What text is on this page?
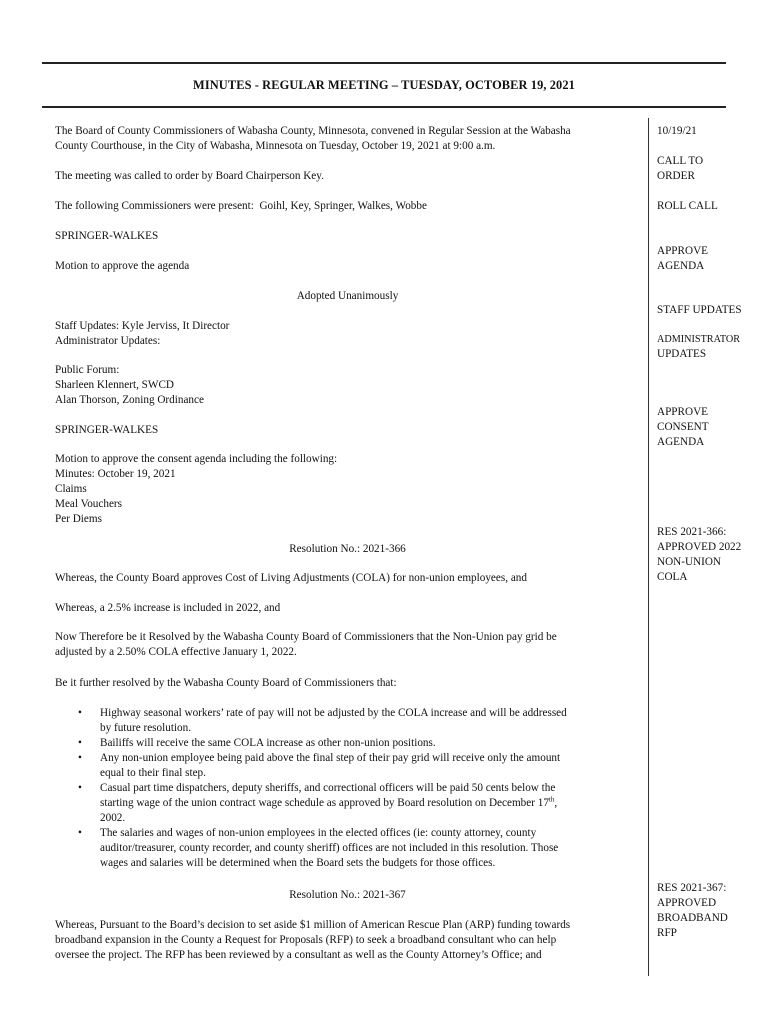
MINUTES - REGULAR MEETING – TUESDAY, OCTOBER 19, 2021
The Board of County Commissioners of Wabasha County, Minnesota, convened in Regular Session at the Wabasha
County Courthouse, in the City of Wabasha, Minnesota on Tuesday, October 19, 2021 at 9:00 a.m.
The meeting was called to order by Board Chairperson Key.
The following Commissioners were present:  Goihl, Key, Springer, Walkes, Wobbe
SPRINGER-WALKES
Motion to approve the agenda
Adopted Unanimously
Staff Updates: Kyle Jerviss, It Director
Administrator Updates:
Public Forum:
Sharleen Klennert, SWCD
Alan Thorson, Zoning Ordinance
SPRINGER-WALKES
Motion to approve the consent agenda including the following:
Minutes: October 19, 2021
Claims
Meal Vouchers
Per Diems
Resolution No.: 2021-366
Whereas, the County Board approves Cost of Living Adjustments (COLA) for non-union employees, and
Whereas, a 2.5% increase is included in 2022, and
Now Therefore be it Resolved by the Wabasha County Board of Commissioners that the Non-Union pay grid be
adjusted by a 2.50% COLA effective January 1, 2022.
Be it further resolved by the Wabasha County Board of Commissioners that:
• Highway seasonal workers’ rate of pay will not be adjusted by the COLA increase and will be addressed
by future resolution.
• Bailiffs will receive the same COLA increase as other non-union positions.
• Any non-union employee being paid above the final step of their pay grid will receive only the amount
equal to their final step.
• Casual part time dispatchers, deputy sheriffs, and correctional officers will be paid 50 cents below the
starting wage of the union contract wage schedule as approved by Board resolution on December 17th,
2002.
• The salaries and wages of non-union employees in the elected offices (ie: county attorney, county
auditor/treasurer, county recorder, and county sheriff) offices are not included in this resolution. Those
wages and salaries will be determined when the Board sets the budgets for those offices.
Resolution No.: 2021-367
Whereas, Pursuant to the Board’s decision to set aside $1 million of American Rescue Plan (ARP) funding towards
broadband expansion in the County a Request for Proposals (RFP) to seek a broadband consultant who can help
oversee the project. The RFP has been reviewed by a consultant as well as the County Attorney’s Office; and
10/19/21
CALL TO
ORDER
ROLL CALL
APPROVE
AGENDA
STAFF UPDATES
ADMINISTRATOR
UPDATES
APPROVE
CONSENT
AGENDA
RES 2021-366:
APPROVED 2022
NON-UNION
COLA
RES 2021-367:
APPROVED
BROADBAND
RFP
